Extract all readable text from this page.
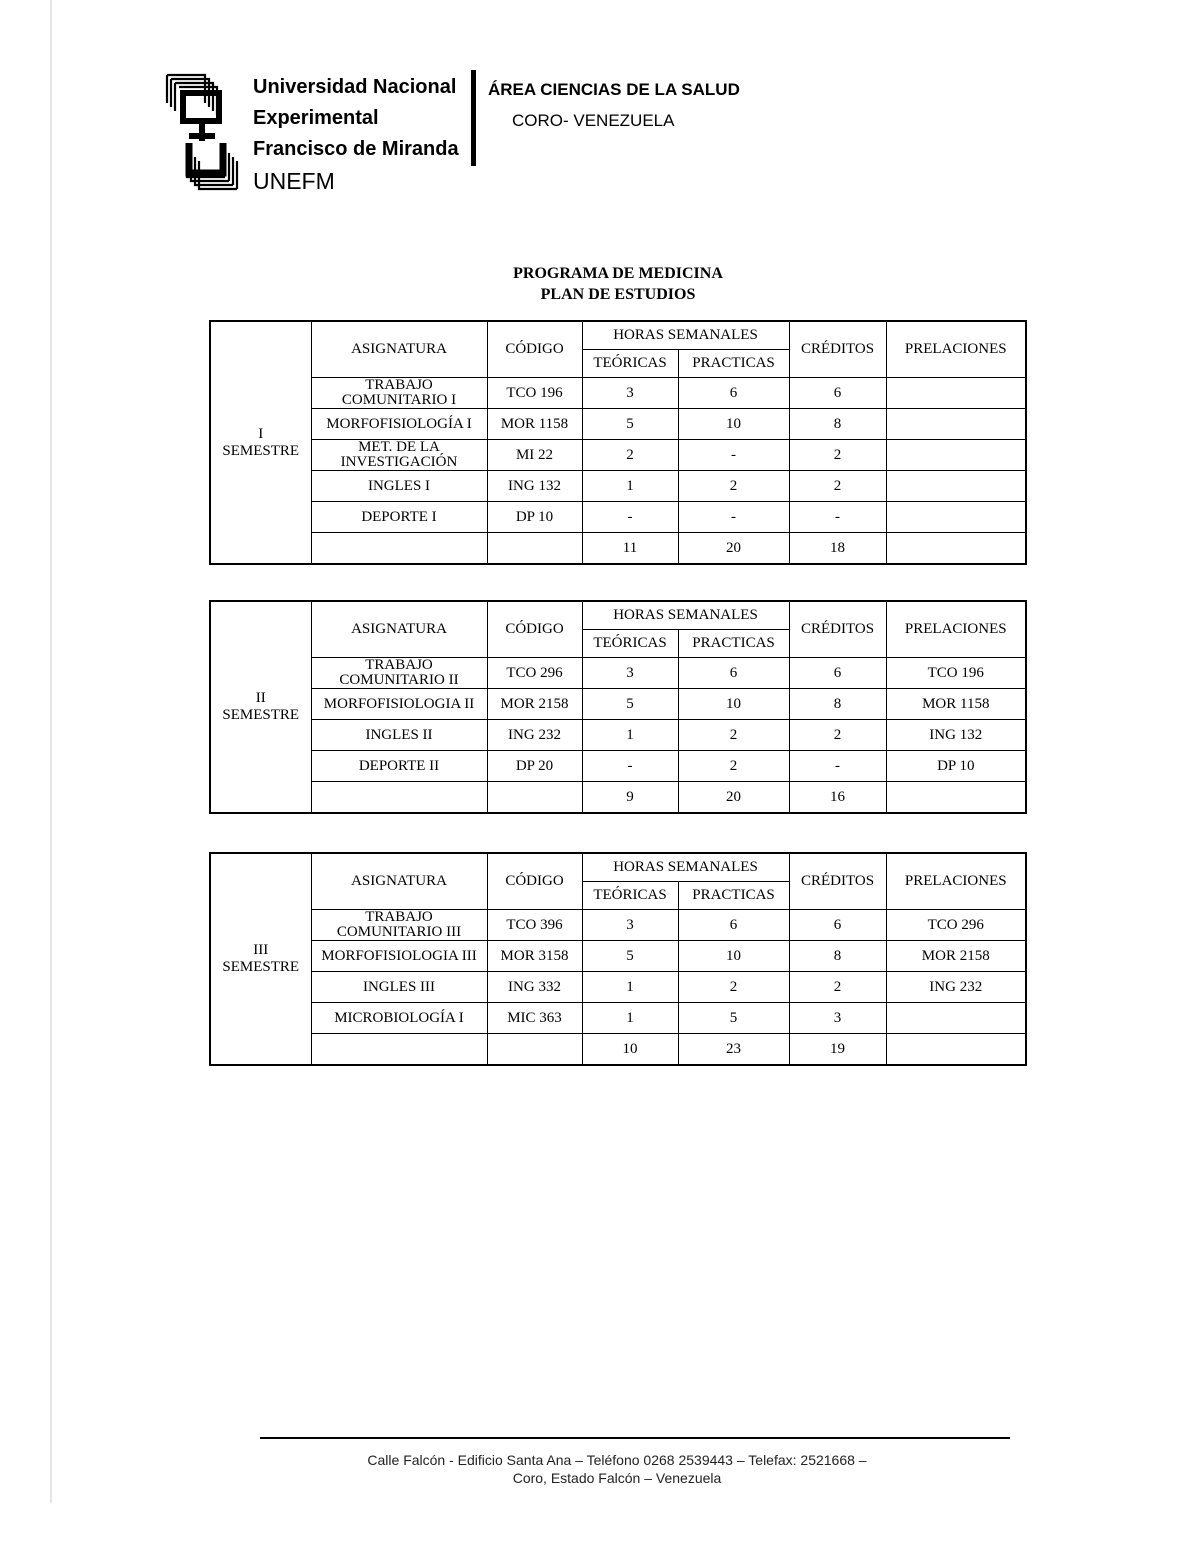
Universidad Nacional
Experimental
Francisco de Miranda
UNEFM
ÁREA CIENCIAS DE LA SALUD
CORO- VENEZUELA
PROGRAMA DE MEDICINA
PLAN DE ESTUDIOS
I
SEMESTRE	ASIGNATURA	CÓDIGO	HORAS SEMANALES		CRÉDITOS	PRELACIONES
			TEÓRICAS	PRACTICAS		
	TRABAJO COMUNITARIO I	TCO 196	3	6	6	
	MORFOFISIOLOGÍA I	MOR 1158	5	10	8	
	MET. DE LA INVESTIGACIÓN	MI 22	2	-	2	
	INGLES I	ING 132	1	2	2	
	DEPORTE I	DP 10	-	-	-	
			11	20	18	
II
SEMESTRE	ASIGNATURA	CÓDIGO	HORAS SEMANALES		CRÉDITOS	PRELACIONES
			TEÓRICAS	PRACTICAS		
	TRABAJO COMUNITARIO II	TCO 296	3	6	6	TCO 196
	MORFOFISIOLOGIA II	MOR 2158	5	10	8	MOR 1158
	INGLES II	ING 232	1	2	2	ING 132
	DEPORTE II	DP 20	-	2	-	DP 10
			9	20	16	
III
SEMESTRE	ASIGNATURA	CÓDIGO	HORAS SEMANALES		CRÉDITOS	PRELACIONES
			TEÓRICAS	PRACTICAS		
	TRABAJO COMUNITARIO III	TCO 396	3	6	6	TCO 296
	MORFOFISIOLOGIA III	MOR 3158	5	10	8	MOR 2158
	INGLES III	ING 332	1	2	2	ING 232
	MICROBIOLOGÍA I	MIC 363	1	5	3	
			10	23	19	
Calle Falcón - Edificio Santa Ana – Teléfono 0268 2539443 – Telefax: 2521668 –
Coro, Estado Falcón – Venezuela
